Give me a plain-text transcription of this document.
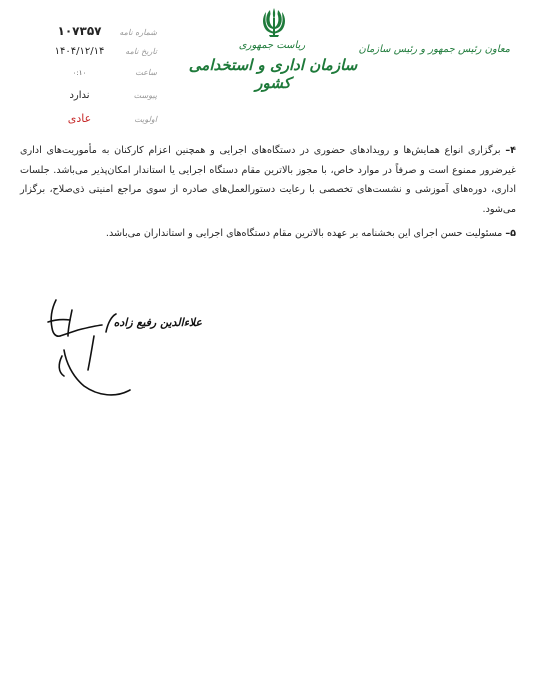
۱۰۷۳۵۷	شماره نامه
۱۴۰۴/۱۲/۱۴	تاریخ نامه
۰:۱۰	ساعت
ندارد	پیوست
عادی	اولویت
ریاست جمهوری
سازمان اداری و استخدامی کشور
معاون رئیس جمهور و رئیس سازمان

۴– برگزاری انواع همایش‌ها و رویدادهای حضوری در دستگاه‌های اجرایی و همچنین اعزام کارکنان به مأموریت‌های اداری غیرضرور ممنوع است و صرفاً در موارد خاص، با مجوز بالاترین مقام دستگاه اجرایی یا استاندار امکان‌پذیر می‌باشد. جلسات اداری، دوره‌های آموزشی و نشست‌های تخصصی با رعایت دستورالعمل‌های صادره از سوی مراجع امنیتی ذی‌صلاح، برگزار می‌شود.

۵– مسئولیت حسن اجرای این بخشنامه بر عهده بالاترین مقام دستگاه‌های اجرایی و استانداران می‌باشد.

علاءالدین رفیع زاده
